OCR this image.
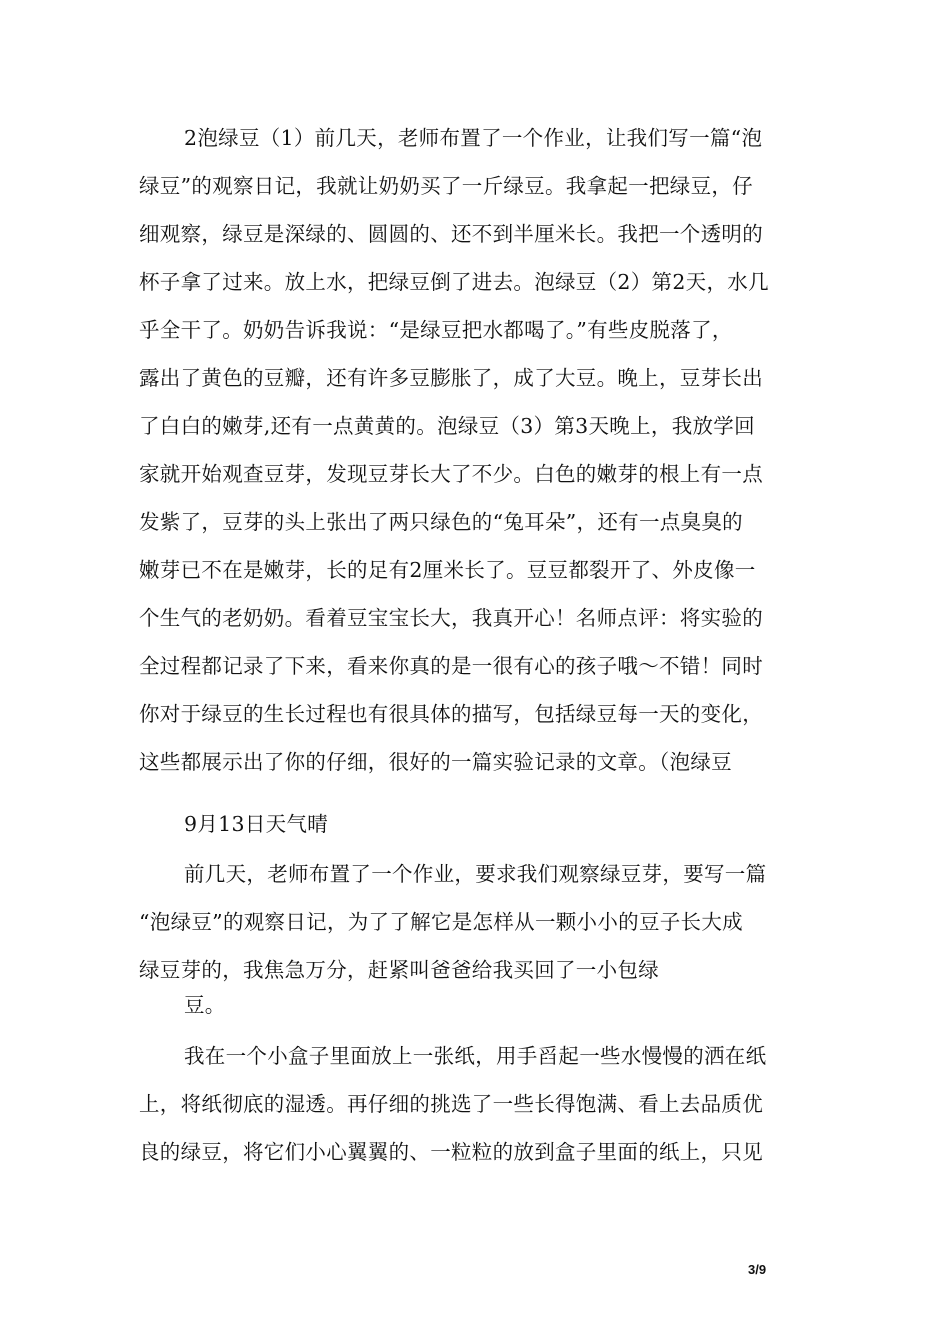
2泡绿豆（1）前几天，老师布置了一个作业，让我们写一篇“泡
绿豆”的观察日记，我就让奶奶买了一斤绿豆。我拿起一把绿豆，仔
细观察，绿豆是深绿的、圆圆的、还不到半厘米长。我把一个透明的
杯子拿了过来。放上水，把绿豆倒了进去。泡绿豆（2）第2天，水几
乎全干了。奶奶告诉我说：“是绿豆把水都喝了。”有些皮脱落了，
露出了黄色的豆瓣，还有许多豆膨胀了，成了大豆。晚上，豆芽长出
了白白的嫩芽,还有一点黄黄的。泡绿豆（3）第3天晚上，我放学回
家就开始观查豆芽，发现豆芽长大了不少。白色的嫩芽的根上有一点
发紫了，豆芽的头上张出了两只绿色的“兔耳朵”，还有一点臭臭的
嫩芽已不在是嫩芽，长的足有2厘米长了。豆豆都裂开了、外皮像一
个生气的老奶奶。看着豆宝宝长大，我真开心！名师点评：将实验的
全过程都记录了下来，看来你真的是一很有心的孩子哦〜不错！同时
你对于绿豆的生长过程也有很具体的描写，包括绿豆每一天的变化，
这些都展示出了你的仔细，很好的一篇实验记录的文章。（泡绿豆
9月13日天气晴
前几天，老师布置了一个作业，要求我们观察绿豆芽，要写一篇
“泡绿豆”的观察日记，为了了解它是怎样从一颗小小的豆子长大成
绿豆芽的，我焦急万分，赶紧叫爸爸给我买回了一小包绿
豆。
我在一个小盒子里面放上一张纸，用手舀起一些水慢慢的洒在纸
上，将纸彻底的湿透。再仔细的挑选了一些长得饱满、看上去品质优
良的绿豆，将它们小心翼翼的、一粒粒的放到盒子里面的纸上，只见
3/9
